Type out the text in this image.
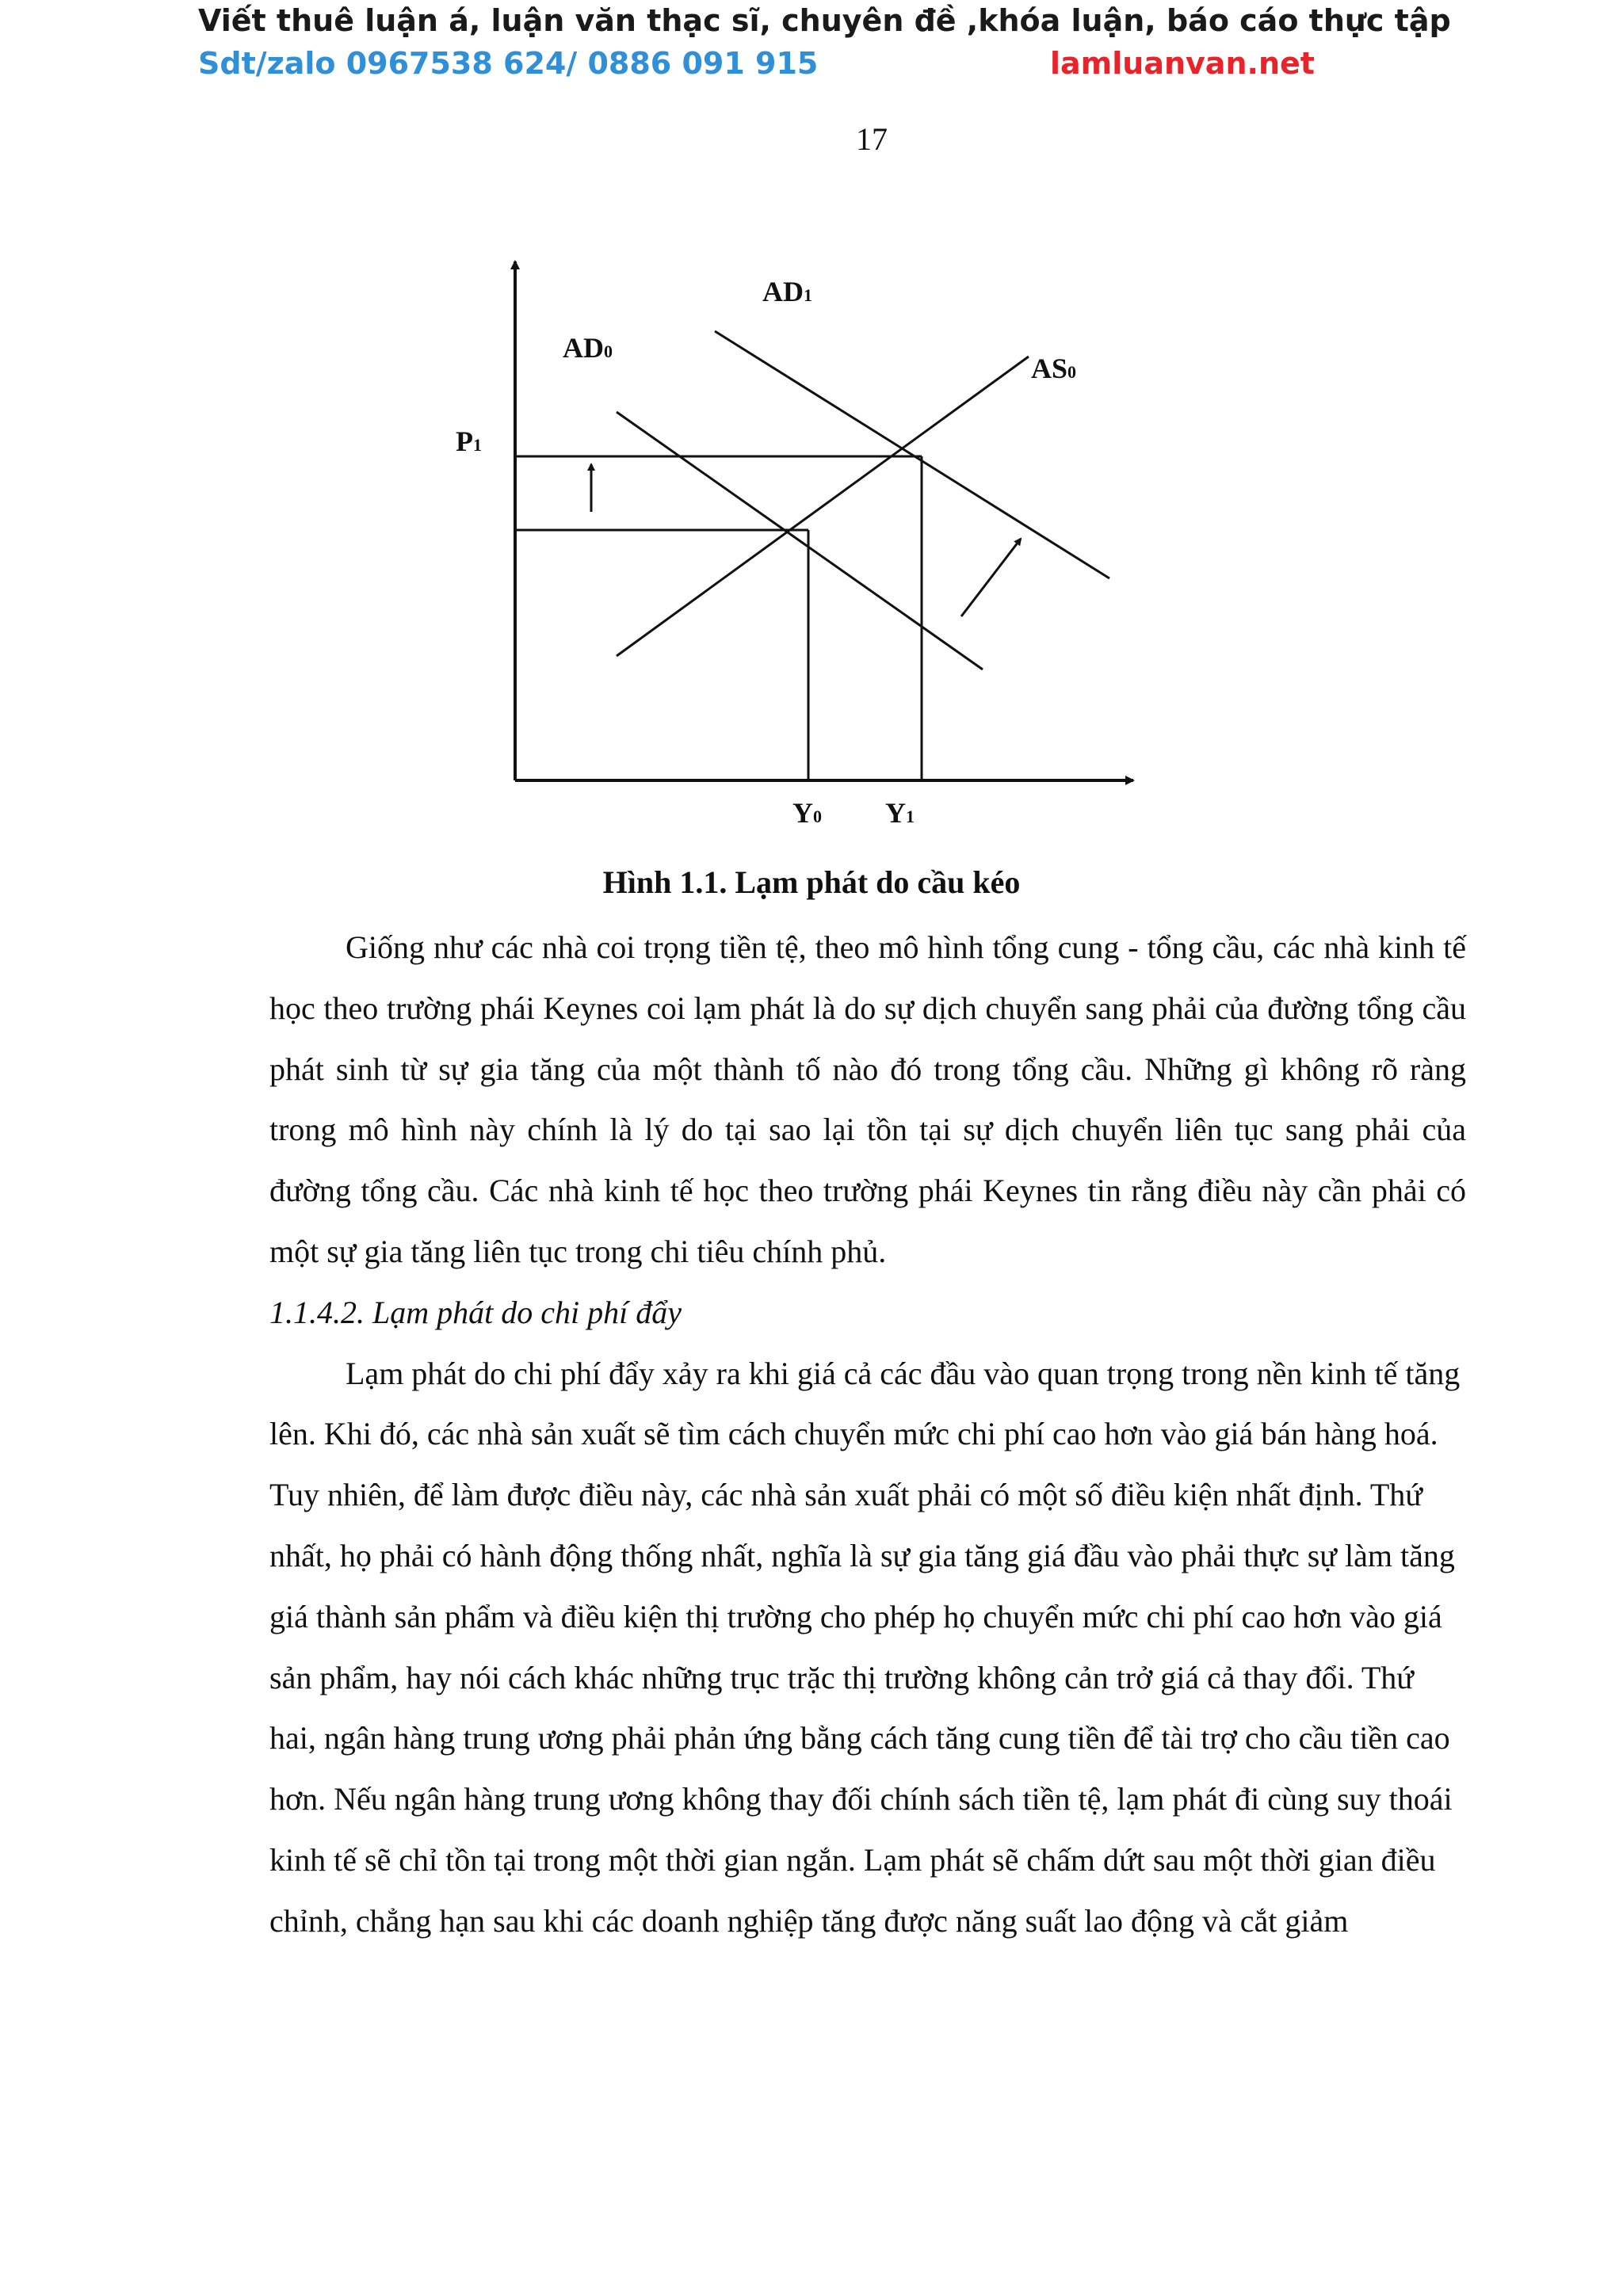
Viết thuê luận á, luận văn thạc sĩ, chuyên đề ,khóa luận, báo cáo thực tập
Sdt/zalo 0967538 624/ 0886 091 915	lamluanvan.net
17
AD1
AD0
AS0
P1
Y0 Y1
Hình 1.1. Lạm phát do cầu kéo

Giống như các nhà coi trọng tiền tệ, theo mô hình tổng cung - tổng cầu, các nhà kinh tế học theo trường phái Keynes coi lạm phát là do sự dịch chuyển sang phải của đường tổng cầu phát sinh từ sự gia tăng của một thành tố nào đó trong tổng cầu. Những gì không rõ ràng trong mô hình này chính là lý do tại sao lại tồn tại sự dịch chuyển liên tục sang phải của đường tổng cầu. Các nhà kinh tế học theo trường phái Keynes tin rằng điều này cần phải có một sự gia tăng liên tục trong chi tiêu chính phủ.

1.1.4.2. Lạm phát do chi phí đẩy

Lạm phát do chi phí đẩy xảy ra khi giá cả các đầu vào quan trọng trong nền kinh tế tăng lên. Khi đó, các nhà sản xuất sẽ tìm cách chuyển mức chi phí cao hơn vào giá bán hàng hoá. Tuy nhiên, để làm được điều này, các nhà sản xuất phải có một số điều kiện nhất định. Thứ nhất, họ phải có hành động thống nhất, nghĩa là sự gia tăng giá đầu vào phải thực sự làm tăng giá thành sản phẩm và điều kiện thị trường cho phép họ chuyển mức chi phí cao hơn vào giá sản phẩm, hay nói cách khác những trục trặc thị trường không cản trở giá cả thay đổi. Thứ hai, ngân hàng trung ương phải phản ứng bằng cách tăng cung tiền để tài trợ cho cầu tiền cao hơn. Nếu ngân hàng trung ương không thay đối chính sách tiền tệ, lạm phát đi cùng suy thoái kinh tế sẽ chỉ tồn tại trong một thời gian ngắn. Lạm phát sẽ chấm dứt sau một thời gian điều chỉnh, chẳng hạn sau khi các doanh nghiệp tăng được năng suất lao động và cắt giảm
